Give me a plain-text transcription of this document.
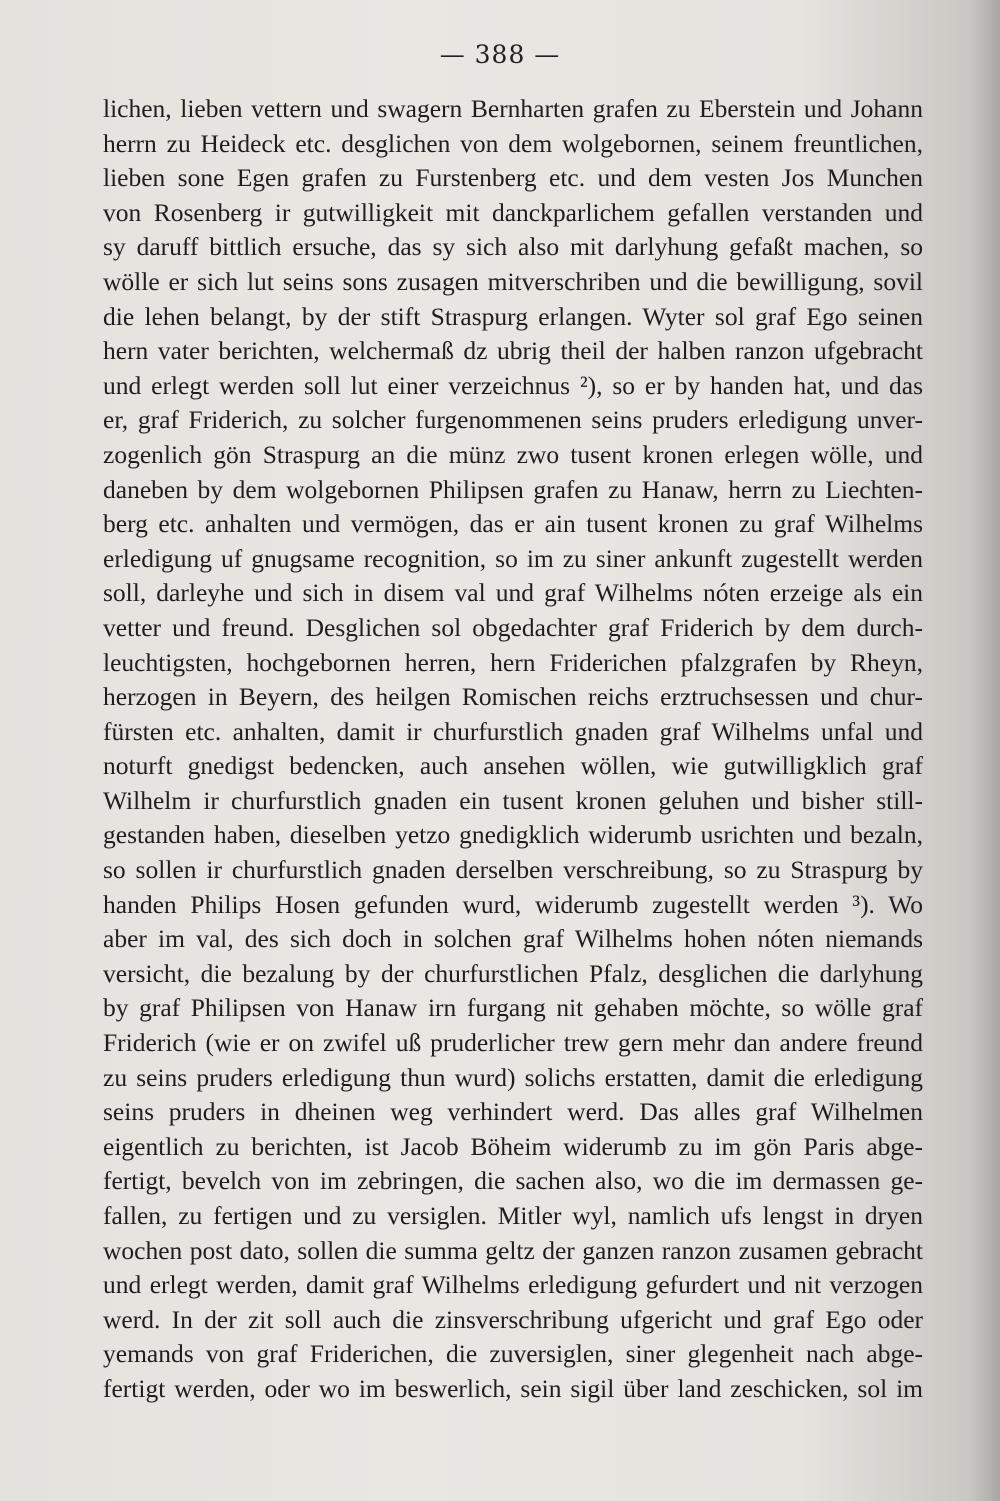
— 388 —
lichen, lieben vettern und swagern Bernharten grafen zu Eberstein und Johann
herrn zu Heideck etc. desglichen von dem wolgebornen, seinem freuntlichen,
lieben sone Egen grafen zu Furstenberg etc. und dem vesten Jos Munchen
von Rosenberg ir gutwilligkeit mit danckparlichem gefallen verstanden und
sy daruff bittlich ersuche, das sy sich also mit darlyhung gefaßt machen, so
wölle er sich lut seins sons zusagen mitverschriben und die bewilligung, sovil
die lehen belangt, by der stift Straspurg erlangen. Wyter sol graf Ego seinen
hern vater berichten, welchermaß dz ubrig theil der halben ranzon ufgebracht
und erlegt werden soll lut einer verzeichnus ²), so er by handen hat, und das
er, graf Friderich, zu solcher furgenommenen seins pruders erledigung unver-
zogenlich gön Straspurg an die münz zwo tusent kronen erlegen wölle, und
daneben by dem wolgebornen Philipsen grafen zu Hanaw, herrn zu Liechten-
berg etc. anhalten und vermögen, das er ain tusent kronen zu graf Wilhelms
erledigung uf gnugsame recognition, so im zu siner ankunft zugestellt werden
soll, darleyhe und sich in disem val und graf Wilhelms nóten erzeige als ein
vetter und freund. Desglichen sol obgedachter graf Friderich by dem durch-
leuchtigsten, hochgebornen herren, hern Friderichen pfalzgrafen by Rheyn,
herzogen in Beyern, des heilgen Romischen reichs erztruchsessen und chur-
fürsten etc. anhalten, damit ir churfurstlich gnaden graf Wilhelms unfal und
noturft gnedigst bedencken, auch ansehen wöllen, wie gutwilligklich graf
Wilhelm ir churfurstlich gnaden ein tusent kronen geluhen und bisher still-
gestanden haben, dieselben yetzo gnedigklich widerumb usrichten und bezaln,
so sollen ir churfurstlich gnaden derselben verschreibung, so zu Straspurg by
handen Philips Hosen gefunden wurd, widerumb zugestellt werden ³). Wo
aber im val, des sich doch in solchen graf Wilhelms hohen nóten niemands
versicht, die bezalung by der churfurstlichen Pfalz, desglichen die darlyhung
by graf Philipsen von Hanaw irn furgang nit gehaben möchte, so wölle graf
Friderich (wie er on zwifel uß pruderlicher trew gern mehr dan andere freund
zu seins pruders erledigung thun wurd) solichs erstatten, damit die erledigung
seins pruders in dheinen weg verhindert werd. Das alles graf Wilhelmen
eigentlich zu berichten, ist Jacob Böheim widerumb zu im gön Paris abge-
fertigt, bevelch von im zebringen, die sachen also, wo die im dermassen ge-
fallen, zu fertigen und zu versiglen. Mitler wyl, namlich ufs lengst in dryen
wochen post dato, sollen die summa geltz der ganzen ranzon zusamen gebracht
und erlegt werden, damit graf Wilhelms erledigung gefurdert und nit verzogen
werd. In der zit soll auch die zinsverschribung ufgericht und graf Ego oder
yemands von graf Friderichen, die zuversiglen, siner glegenheit nach abge-
fertigt werden, oder wo im beswerlich, sein sigil über land zeschicken, sol im
